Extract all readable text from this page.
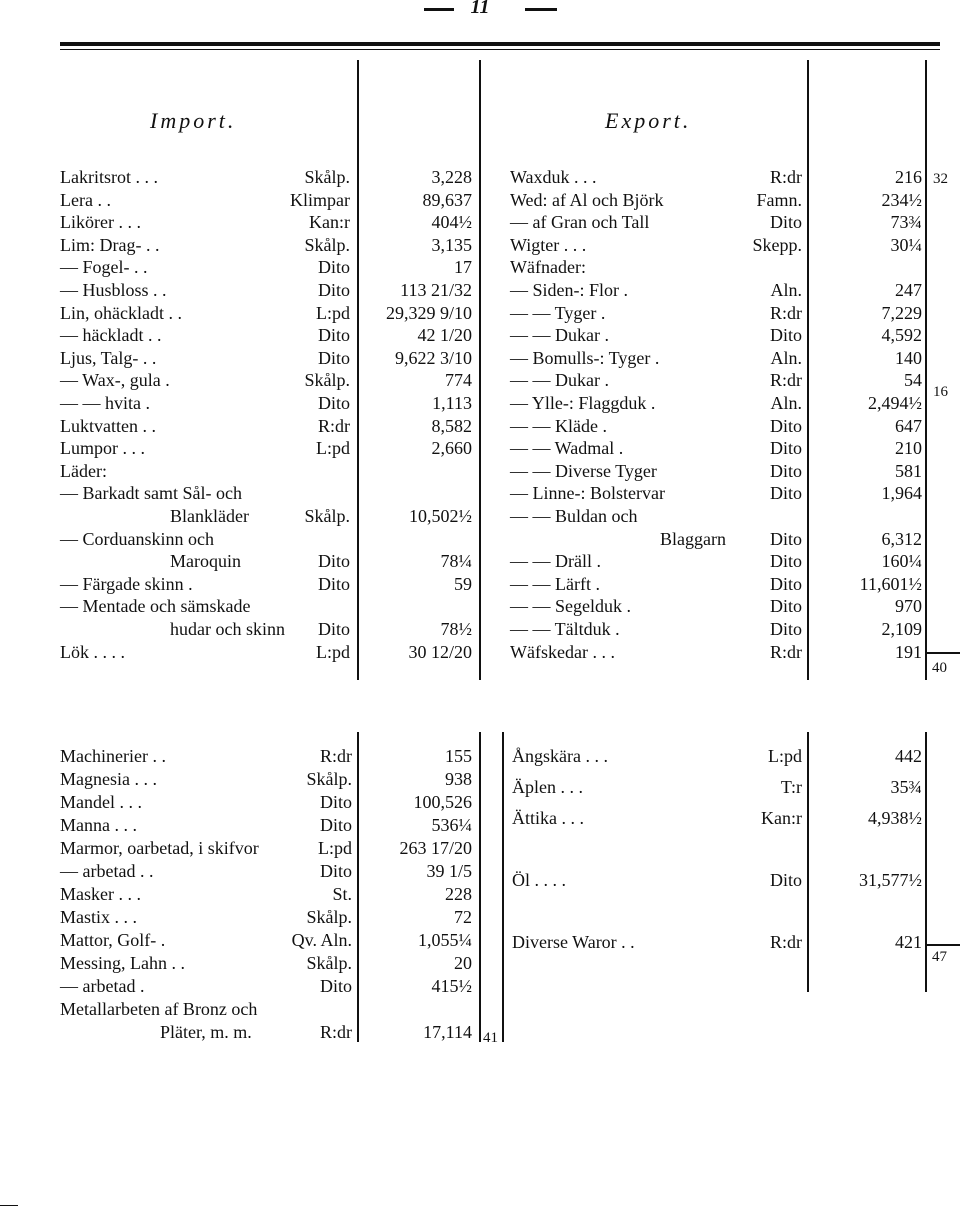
11
Import.	Export.
Lakritsrot . . .	Skålp.	3,228
Lera . .	Klimpar	89,637
Likörer . . .	Kan:r	404½
Lim: Drag- . .	Skålp.	3,135
— Fogel- . .	Dito	17
— Husbloss . .	Dito	113 21/32
Lin, ohäckladt . .	L:pd	29,329 9/10
— häckladt . .	Dito	42 1/20
Ljus, Talg- . .	Dito	9,622 3/10
— Wax-, gula .	Skålp.	774
— — hvita .	Dito	1,113
Luktvatten . .	R:dr	8,582
Lumpor . . .	L:pd	2,660
Läder:
— Barkadt samt Sål- och
Blankläder	Skålp.	10,502½
— Corduanskinn och
Maroquin	Dito	78¼
— Färgade skinn .	Dito	59
— Mentade och sämskade
hudar och skinn	Dito	78½
Lök . . . .	L:pd	30 12/20
Waxduk . . .	R:dr	216
Wed: af Al och Björk	Famn.	234½
— af Gran och Tall	Dito	73¾
Wigter . . .	Skepp.	30¼
Wäfnader:
— Siden-: Flor .	Aln.	247
— — Tyger .	R:dr	7,229
— — Dukar .	Dito	4,592
— Bomulls-: Tyger .	Aln.	140
— — Dukar .	R:dr	54
— Ylle-: Flaggduk .	Aln.	2,494½
— — Kläde .	Dito	647
— — Wadmal .	Dito	210
— — Diverse Tyger	Dito	581
— Linne-: Bolstervar	Dito	1,964
— — Buldan och
Blaggarn	Dito	6,312
— — Dräll .	Dito	160¼
— — Lärft .	Dito	11,601½
— — Segelduk .	Dito	970
— — Tältduk .	Dito	2,109
Wäfskedar . . .	R:dr	191
32
16
40
Machinerier . .	R:dr	155
Magnesia . . .	Skålp.	938
Mandel . . .	Dito	100,526
Manna . . .	Dito	536¼
Marmor, oarbetad, i skifvor	L:pd	263 17/20
— arbetad . .	Dito	39 1/5
Masker . . .	St.	228
Mastix . . .	Skålp.	72
Mattor, Golf- .	Qv. Aln.	1,055¼
Messing, Lahn . .	Skålp.	20
— arbetad .	Dito	415½
Metallarbeten af Bronz och
Pläter, m. m.	R:dr	17,114
Ångskära . . .	L:pd	442
Äplen . . .	T:r	35¾
Ättika . . .	Kan:r	4,938½
Öl . . . .	Dito	31,577½
Diverse Waror . .	R:dr	421
41
47
